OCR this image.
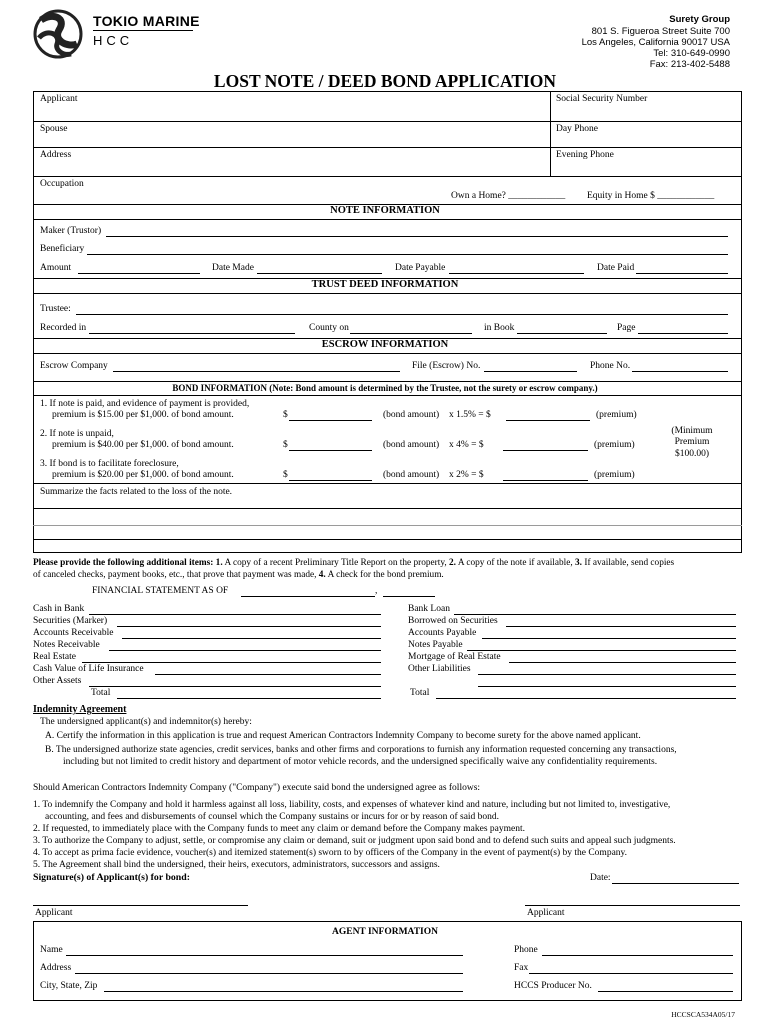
TOKIO MARINE
HCC
Surety Group
801 S. Figueroa Street Suite 700
Los Angeles, California 90017 USA
Tel: 310-649-0990
Fax: 213-402-5488
LOST NOTE / DEED BOND APPLICATION
Applicant	Social Security Number
Spouse	Day Phone
Address	Evening Phone
Occupation
Own a Home? ____________ Equity in Home $ ____________
NOTE INFORMATION
Maker (Trustor)
Beneficiary
Amount	Date Made	Date Payable	Date Paid
TRUST DEED INFORMATION
Trustee:
Recorded in	County on	in Book	Page
ESCROW INFORMATION
Escrow Company	File (Escrow) No.	Phone No.
BOND INFORMATION (Note: Bond amount is determined by the Trustee, not the surety or escrow company.)
1. If note is paid, and evidence of payment is provided,
premium is $15.00 per $1,000. of bond amount.	$	(bond amount) x 1.5% = $	(premium)
2. If note is unpaid,
premium is $40.00 per $1,000. of bond amount.	$	(bond amount) x 4% = $	(premium)
(Minimum
Premium
$100.00)
3. If bond is to facilitate foreclosure,
premium is $20.00 per $1,000. of bond amount.	$	(bond amount) x 2% = $	(premium)
Summarize the facts related to the loss of the note.
Please provide the following additional items: 1. A copy of a recent Preliminary Title Report on the property, 2. A copy of the note if available, 3. If available, send copies
of canceled checks, payment books, etc., that prove that payment was made, 4. A check for the bond premium.
FINANCIAL STATEMENT AS OF	,
Cash in Bank
Securities (Marker)
Accounts Receivable
Notes Receivable
Real Estate
Cash Value of Life Insurance
Other Assets
Total
Bank Loan
Borrowed on Securities
Accounts Payable
Notes Payable
Mortgage of Real Estate
Other Liabilities
Total
Indemnity Agreement
The undersigned applicant(s) and indemnitor(s) hereby:
A. Certify the information in this application is true and request American Contractors Indemnity Company to become surety for the above named applicant.
B. The undersigned authorize state agencies, credit services, banks and other firms and corporations to furnish any information requested concerning any transactions,
including but not limited to credit history and department of motor vehicle records, and the undersigned specifically waive any confidentiality requirements.
Should American Contractors Indemnity Company ("Company") execute said bond the undersigned agree as follows:
1. To indemnify the Company and hold it harmless against all loss, liability, costs, and expenses of whatever kind and nature, including but not limited to, investigative,
accounting, and fees and disbursements of counsel which the Company sustains or incurs for or by reason of said bond.
2. If requested, to immediately place with the Company funds to meet any claim or demand before the Company makes payment.
3. To authorize the Company to adjust, settle, or compromise any claim or demand, suit or judgment upon said bond and to defend such suits and appeal such judgments.
4. To accept as prima facie evidence, voucher(s) and itemized statement(s) sworn to by officers of the Company in the event of payment(s) by the Company.
5. The Agreement shall bind the undersigned, their heirs, executors, administrators, successors and assigns.
Signature(s) of Applicant(s) for bond:	Date:
Applicant	Applicant
AGENT INFORMATION
Name	Phone
Address	Fax
City, State, Zip	HCCS Producer No.
HCCSCA534A05/17
